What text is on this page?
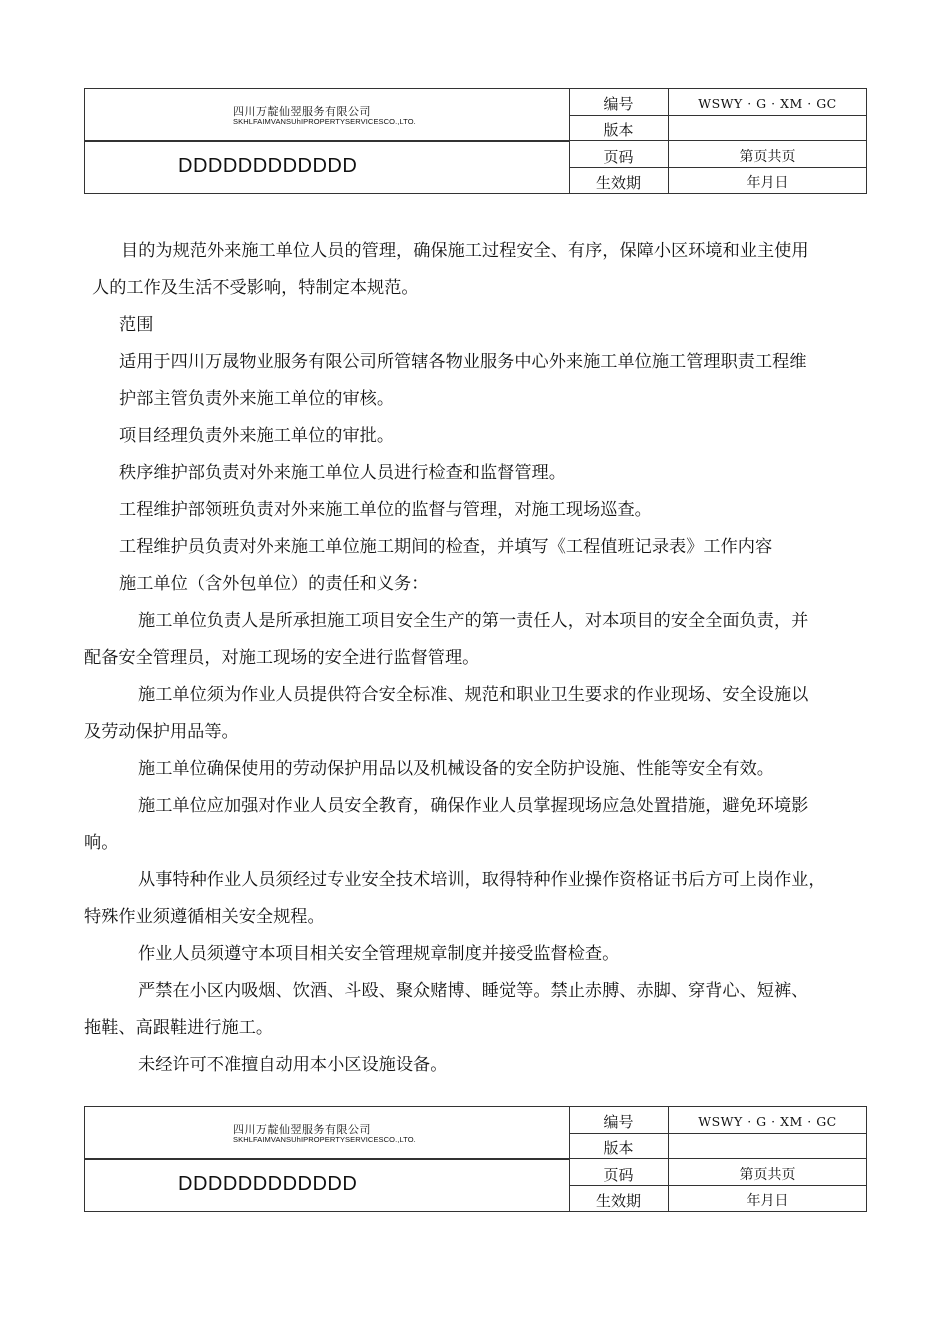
四川万靛仙翌服务有限公司
SKHLFAIMVANSUhIPROPERTYSERVICESCO.,LTO.
DDDDDDDDDDDD
编号	WSWY · G · XM · GC
版本
页码	第页共页
生效期	年月日

目的为规范外来施工单位人员的管理，确保施工过程安全、有序，保障小区环境和业主使用

人的工作及生活不受影响，特制定本规范。

范围

适用于四川万晟物业服务有限公司所管辖各物业服务中心外来施工单位施工管理职责工程维

护部主管负责外来施工单位的审核。

项目经理负责外来施工单位的审批。

秩序维护部负责对外来施工单位人员进行检查和监督管理。

工程维护部领班负责对外来施工单位的监督与管理，对施工现场巡查。

工程维护员负责对外来施工单位施工期间的检查，并填写《工程值班记录表》工作内容

施工单位（含外包单位）的责任和义务：

施工单位负责人是所承担施工项目安全生产的第一责任人，对本项目的安全全面负责，并

配备安全管理员，对施工现场的安全进行监督管理。

施工单位须为作业人员提供符合安全标准、规范和职业卫生要求的作业现场、安全设施以

及劳动保护用品等。

施工单位确保使用的劳动保护用品以及机械设备的安全防护设施、性能等安全有效。

施工单位应加强对作业人员安全教育，确保作业人员掌握现场应急处置措施，避免环境影

响。

从事特种作业人员须经过专业安全技术培训，取得特种作业操作资格证书后方可上岗作业，

特殊作业须遵循相关安全规程。

作业人员须遵守本项目相关安全管理规章制度并接受监督检查。

严禁在小区内吸烟、饮酒、斗殴、聚众赌博、睡觉等。禁止赤膊、赤脚、穿背心、短裤、

拖鞋、高跟鞋进行施工。

未经许可不准擅自动用本小区设施设备。

四川万靛仙翌服务有限公司
SKHLFAIMVANSUhIPROPERTYSERVICESCO.,LTO.
DDDDDDDDDDDD
编号	WSWY · G · XM · GC
版本
页码	第页共页
生效期	年月日
